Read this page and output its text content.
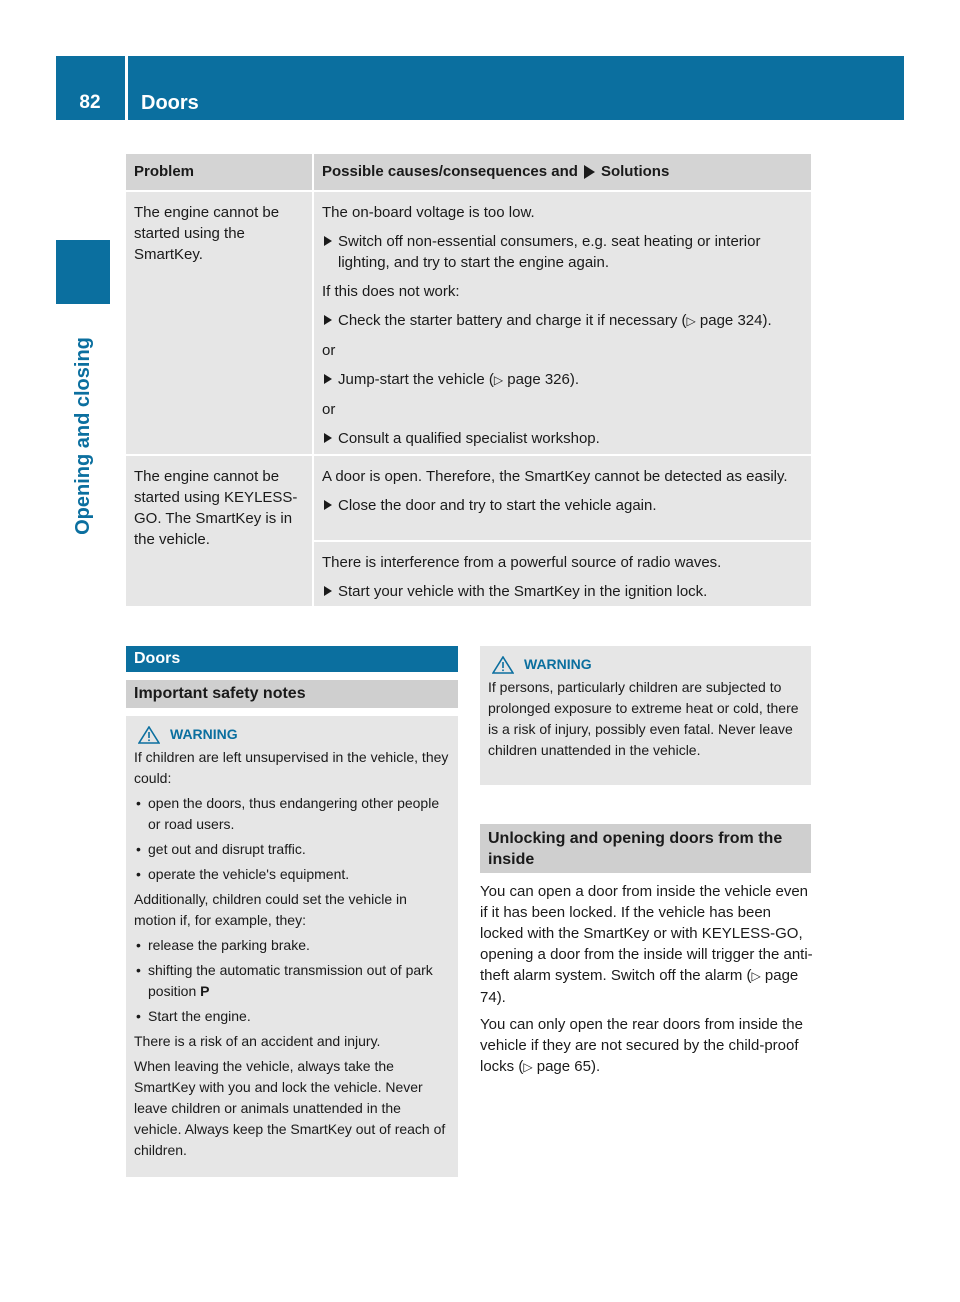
82	Doors
Opening and closing
Problem	Possible causes/consequences and Solutions
The engine cannot be started using the SmartKey.

The on-board voltage is too low.

Switch off non-essential consumers, e.g. seat heating or interior lighting, and try to start the engine again.

If this does not work:

Check the starter battery and charge it if necessary (▷ page 324).

or

Jump-start the vehicle (▷ page 326).

or

Consult a qualified specialist workshop.
The engine cannot be started using KEYLESS-GO. The SmartKey is in the vehicle.

A door is open. Therefore, the SmartKey cannot be detected as easily.

Close the door and try to start the vehicle again.

There is interference from a powerful source of radio waves.

Start your vehicle with the SmartKey in the ignition lock.
Doors
Important safety notes
WARNING

If children are left unsupervised in the vehicle, they could:

• open the doors, thus endangering other people or road users.
• get out and disrupt traffic.
• operate the vehicle's equipment.

Additionally, children could set the vehicle in motion if, for example, they:

• release the parking brake.
• shifting the automatic transmission out of park position P
• Start the engine.

There is a risk of an accident and injury.

When leaving the vehicle, always take the SmartKey with you and lock the vehicle. Never leave children or animals unattended in the vehicle. Always keep the SmartKey out of reach of children.

WARNING

If persons, particularly children are subjected to prolonged exposure to extreme heat or cold, there is a risk of injury, possibly even fatal. Never leave children unattended in the vehicle.

Unlocking and opening doors from the inside

You can open a door from inside the vehicle even if it has been locked. If the vehicle has been locked with the SmartKey or with KEYLESS-GO, opening a door from the inside will trigger the anti-theft alarm system. Switch off the alarm (▷ page 74).

You can only open the rear doors from inside the vehicle if they are not secured by the child-proof locks (▷ page 65).
